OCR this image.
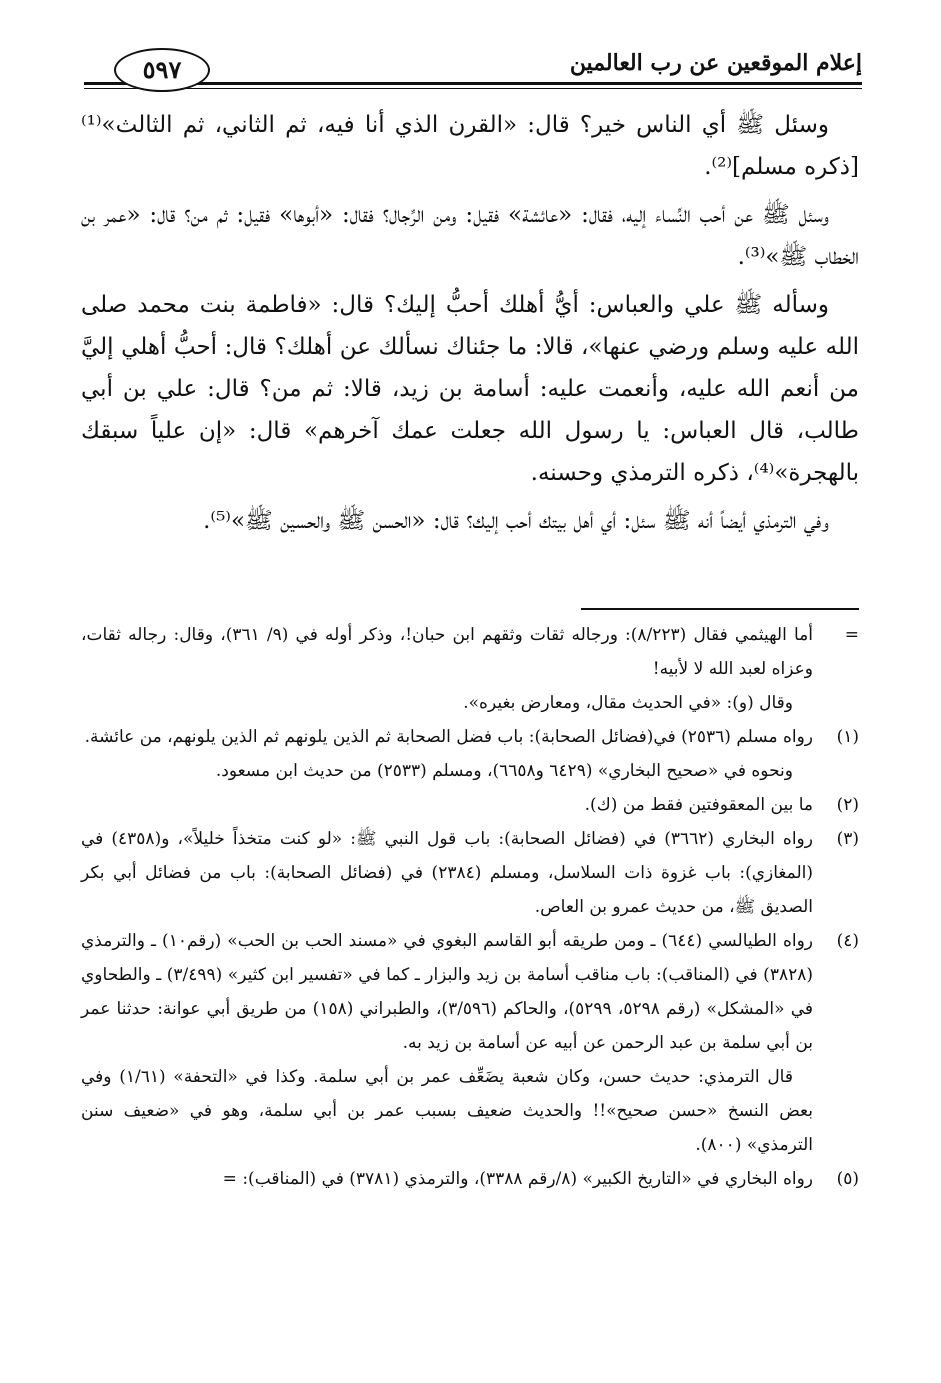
إعلام الموقعين عن رب العالمين
٥٩٧

وسئل ﷺ أي الناس خير؟ قال: «القرن الذي أنا فيه، ثم الثاني، ثم الثالث»⁽¹⁾ [ذكره مسلم]⁽²⁾.

وسئل ﷺ عن أحب النِّساء إليه، فقال: «عائشة» فقيل: ومن الرِّجال؟ فقال: «أبوها» فقيل: ثم من؟ قال: «عمر بن الخطاب ﷺ»⁽³⁾.

وسأله ﷺ علي والعباس: أيُّ أهلك أحبُّ إليك؟ قال: «فاطمة بنت محمد صلى الله عليه وسلم ورضي عنها»، قالا: ما جئناك نسألك عن أهلك؟ قال: أحبُّ أهلي إليَّ من أنعم الله عليه، وأنعمت عليه: أسامة بن زيد، قالا: ثم من؟ قال: علي بن أبي طالب، قال العباس: يا رسول الله جعلت عمك آخرهم» قال: «إن علياً سبقك بالهجرة»⁽⁴⁾، ذكره الترمذي وحسنه.

وفي الترمذي أيضاً أنه ﷺ سئل: أي أهل بيتك أحب إليك؟ قال: «الحسن ﷺ والحسين ﷺ»⁽⁵⁾.

=

أما الهيثمي فقال (٨/٢٢٣): ورجاله ثقات وثقهم ابن حبان!، وذكر أوله في (٩/ ٣٦١)، وقال: رجاله ثقات، وعزاه لعبد الله لا لأبيه!

وقال (و): «في الحديث مقال، ومعارض بغيره».

(١)

رواه مسلم (٢٥٣٦) في(فضائل الصحابة): باب فضل الصحابة ثم الذين يلونهم ثم الذين يلونهم، من عائشة.

ونحوه في «صحيح البخاري» (٦٤٢٩ و٦٦٥٨)، ومسلم (٢٥٣٣) من حديث ابن مسعود.

(٢)

ما بين المعقوفتين فقط من (ك).

(٣)

رواه البخاري (٣٦٦٢) في (فضائل الصحابة): باب قول النبي ﷺ: «لو كنت متخذاً خليلاً»، و(٤٣٥٨) في (المغازي): باب غزوة ذات السلاسل، ومسلم (٢٣٨٤) في (فضائل الصحابة): باب من فضائل أبي بكر الصديق ﷺ، من حديث عمرو بن العاص.

(٤)

رواه الطيالسي (٦٤٤) ـ ومن طريقه أبو القاسم البغوي في «مسند الحب بن الحب» (رقم١٠) ـ والترمذي (٣٨٢٨) في (المناقب): باب مناقب أسامة بن زيد والبزار ـ كما في «تفسير ابن كثير» (٣/٤٩٩) ـ والطحاوي في «المشكل» (رقم ٥٢٩٨، ٥٢٩٩)، والحاكم (٣/٥٩٦)، والطبراني (١٥٨) من طريق أبي عوانة: حدثنا عمر بن أبي سلمة بن عبد الرحمن عن أبيه عن أسامة بن زيد به.

قال الترمذي: حديث حسن، وكان شعبة يضَعِّف عمر بن أبي سلمة. وكذا في «التحفة» (١/٦١) وفي بعض النسخ «حسن صحيح»!! والحديث ضعيف بسبب عمر بن أبي سلمة، وهو في «ضعيف سنن الترمذي» (٨٠٠).

(٥)

رواه البخاري في «التاريخ الكبير» (٨/رقم ٣٣٨٨)، والترمذي (٣٧٨١) في (المناقب): =
